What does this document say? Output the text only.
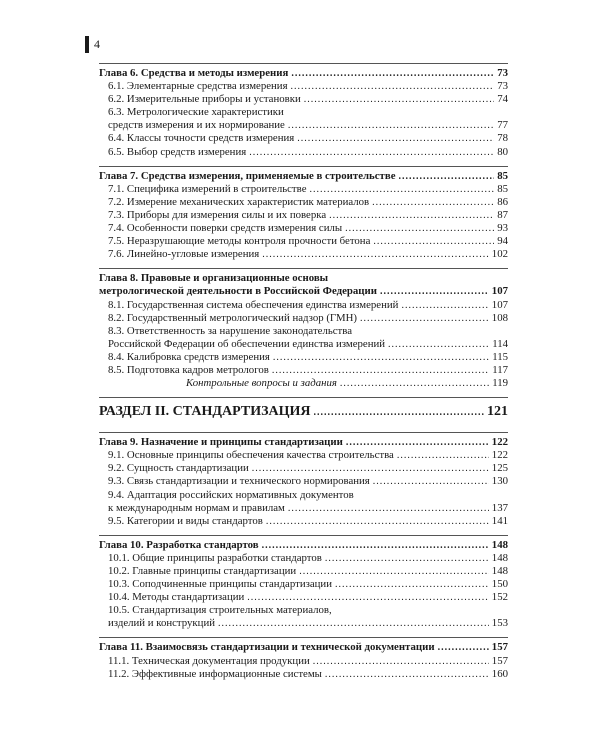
4
Глава 6. Средства и методы измерения .....	73
6.1. Элементарные средства измерения .....	73
6.2. Измерительные приборы и установки .....	74
6.3. Метрологические характеристики
средств измерения и их нормирование .....	77
6.4. Классы точности средств измерения .....	78
6.5. Выбор средств измерения .....	80
Глава 7. Средства измерения, применяемые в строительстве .....	85
7.1. Специфика измерений в строительстве .....	85
7.2. Измерение механических характеристик материалов .....	86
7.3. Приборы для измерения силы и их поверка .....	87
7.4. Особенности поверки средств измерения силы .....	93
7.5. Неразрушающие методы контроля прочности бетона .....	94
7.6. Линейно-угловые измерения .....	102
Глава 8. Правовые и организационные основы
метрологической деятельности в Российской Федерации .....	107
8.1. Государственная система обеспечения единства измерений .....	107
8.2. Государственный метрологический надзор (ГМН) .....	108
8.3. Ответственность за нарушение законодательства
Российской Федерации об обеспечении единства измерений .....	114
8.4. Калибровка средств измерения .....	115
8.5. Подготовка кадров метрологов .....	117
Контрольные вопросы и задания .....	119
РАЗДЕЛ II. СТАНДАРТИЗАЦИЯ .....	121
Глава 9. Назначение и принципы стандартизации .....	122
9.1. Основные принципы обеспечения качества строительства .....	122
9.2. Сущность стандартизации .....	125
9.3. Связь стандартизации и технического нормирования .....	130
9.4. Адаптация российских нормативных документов
к международным нормам и правилам .....	137
9.5. Категории и виды стандартов .....	141
Глава 10. Разработка стандартов .....	148
10.1. Общие принципы разработки стандартов .....	148
10.2. Главные принципы стандартизации .....	148
10.3. Соподчиненные принципы стандартизации .....	150
10.4. Методы стандартизации .....	152
10.5. Стандартизация строительных материалов,
изделий и конструкций .....	153
Глава 11. Взаимосвязь стандартизации и технической документации .....	157
11.1. Техническая документация продукции .....	157
11.2. Эффективные информационные системы .....	160
